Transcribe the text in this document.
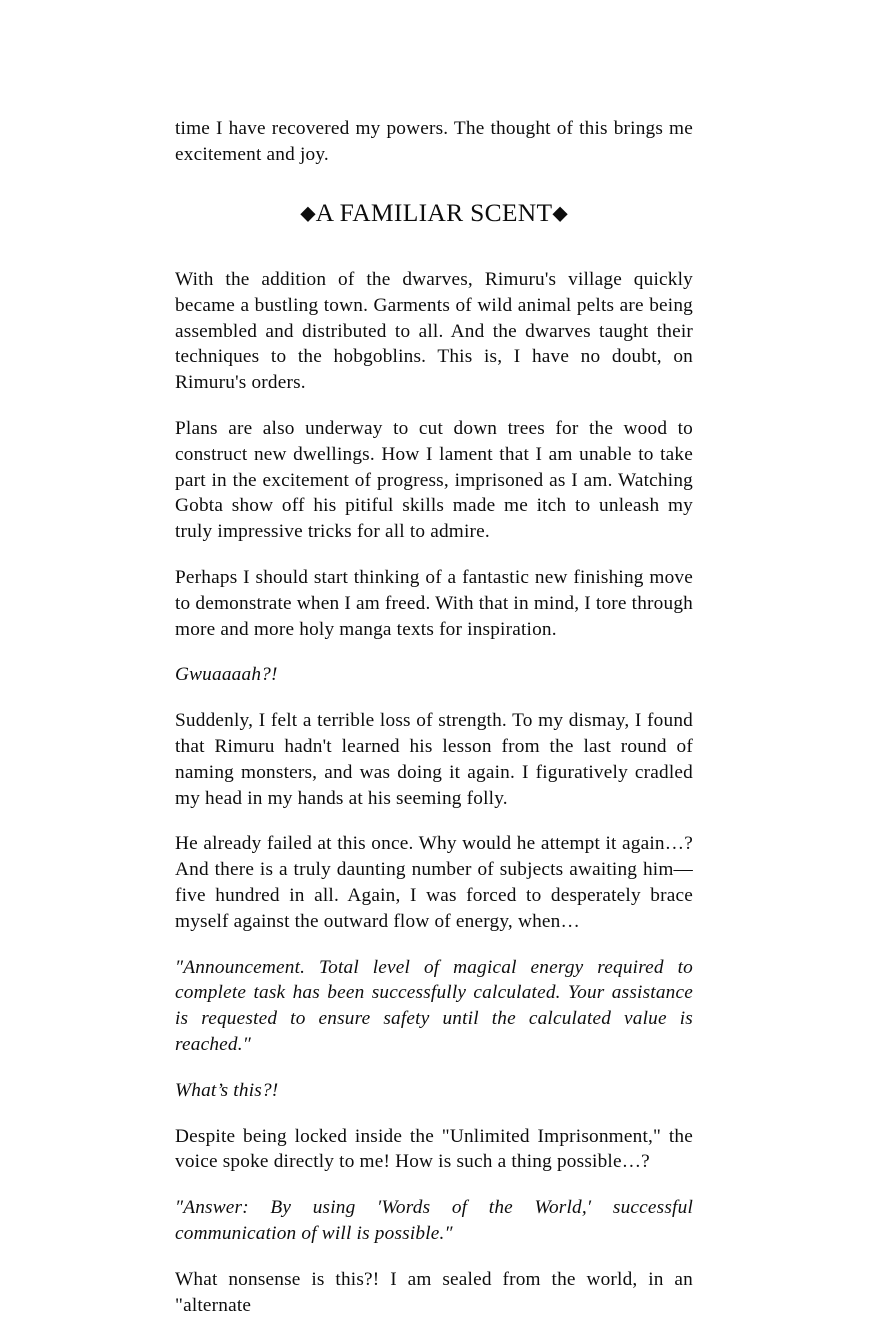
time I have recovered my powers. The thought of this brings me excitement and joy.

◆A FAMILIAR SCENT◆

With the addition of the dwarves, Rimuru's village quickly became a bustling town. Garments of wild animal pelts are being assembled and distributed to all. And the dwarves taught their techniques to the hobgoblins. This is, I have no doubt, on Rimuru's orders.

Plans are also underway to cut down trees for the wood to construct new dwellings. How I lament that I am unable to take part in the excitement of progress, imprisoned as I am. Watching Gobta show off his pitiful skills made me itch to unleash my truly impressive tricks for all to admire.

Perhaps I should start thinking of a fantastic new finishing move to demonstrate when I am freed. With that in mind, I tore through more and more holy manga texts for inspiration.

Gwuaaaah?!

Suddenly, I felt a terrible loss of strength. To my dismay, I found that Rimuru hadn't learned his lesson from the last round of naming monsters, and was doing it again. I figuratively cradled my head in my hands at his seeming folly.

He already failed at this once. Why would he attempt it again…? And there is a truly daunting number of subjects awaiting him—five hundred in all. Again, I was forced to desperately brace myself against the outward flow of energy, when…

″Announcement. Total level of magical energy required to complete task has been successfully calculated. Your assistance is requested to ensure safety until the calculated value is reached.″

What’s this?!

Despite being locked inside the "Unlimited Imprisonment," the voice spoke directly to me! How is such a thing possible…?

″Answer: By using ′Words of the World,′ successful communication of will is possible.″

What nonsense is this?! I am sealed from the world, in an "alternate
